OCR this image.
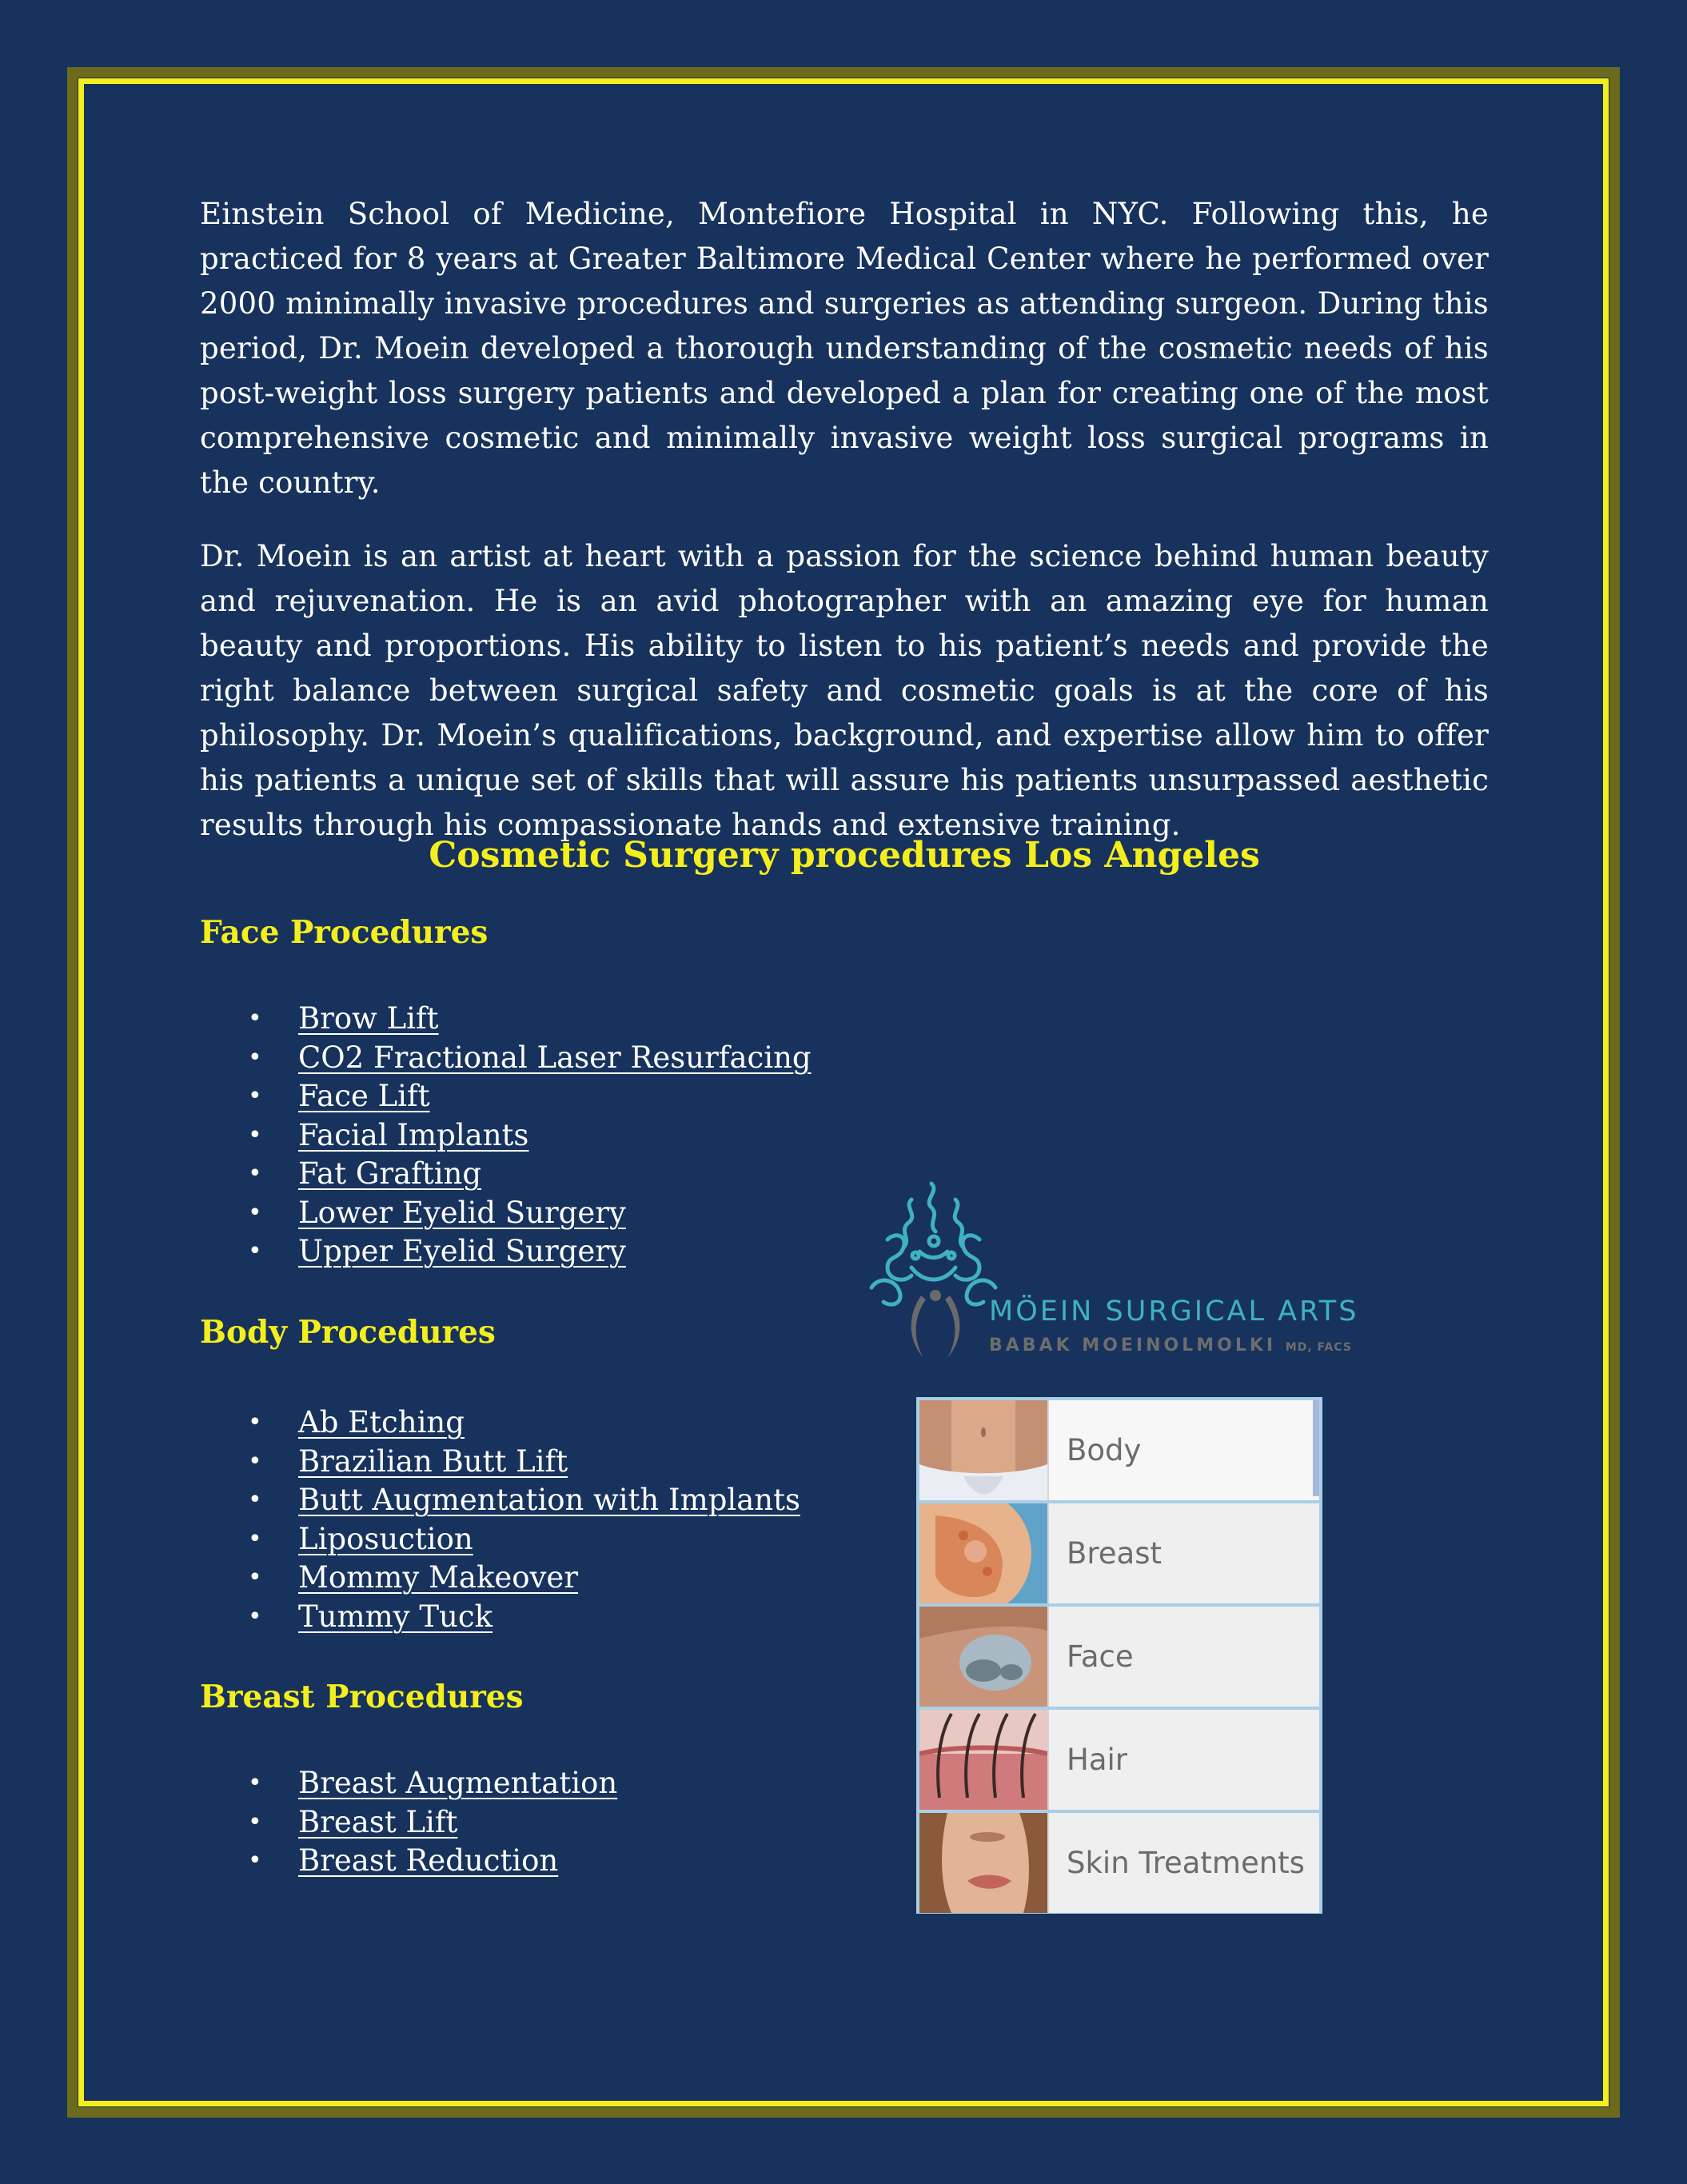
Einstein School of Medicine, Montefiore Hospital in NYC. Following this, he practiced for 8 years at Greater Baltimore Medical Center where he performed over 2000 minimally invasive procedures and surgeries as attending surgeon. During this period, Dr. Moein developed a thorough understanding of the cosmetic needs of his post-weight loss surgery patients and developed a plan for creating one of the most comprehensive cosmetic and minimally invasive weight loss surgical programs in the country.

Dr. Moein is an artist at heart with a passion for the science behind human beauty and rejuvenation. He is an avid photographer with an amazing eye for human beauty and proportions. His ability to listen to his patient’s needs and provide the right balance between surgical safety and cosmetic goals is at the core of his philosophy. Dr. Moein’s qualifications, background, and expertise allow him to offer his patients a unique set of skills that will assure his patients unsurpassed aesthetic results through his compassionate hands and extensive training.

Cosmetic Surgery procedures Los Angeles
Face Procedures
• Brow Lift
• CO2 Fractional Laser Resurfacing
• Face Lift
• Facial Implants
• Fat Grafting
• Lower Eyelid Surgery
• Upper Eyelid Surgery
Body Procedures
• Ab Etching
• Brazilian Butt Lift
• Butt Augmentation with Implants
• Liposuction
• Mommy Makeover
• Tummy Tuck
Breast Procedures
• Breast Augmentation
• Breast Lift
• Breast Reduction
MÖEIN SURGICAL ARTS
BABAK MOEINOLMOLKI MD, FACS
Body
Breast
Face
Hair
Skin Treatments
